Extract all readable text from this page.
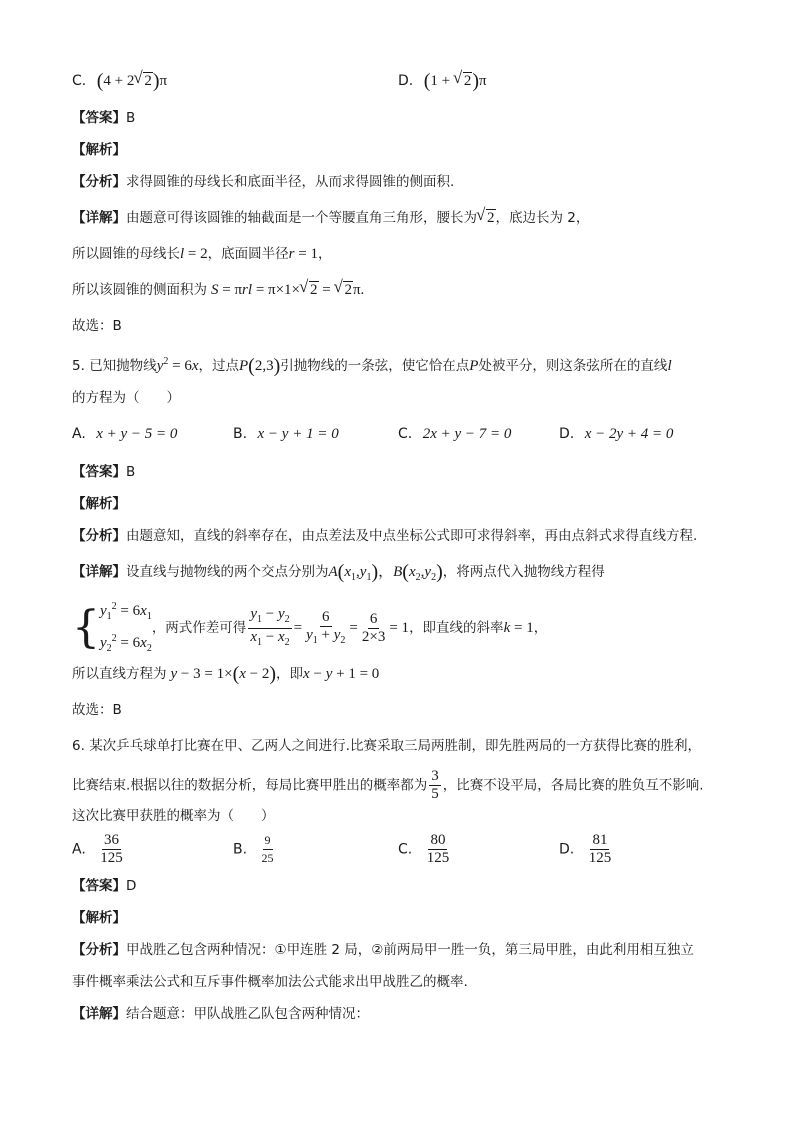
C. (4 + 2 √ 2)π	D. (1 + √ 2)π
【答案】B
【解析】
【分析】求得圆锥的母线长和底面半径，从而求得圆锥的侧面积.
【详解】由题意可得该圆锥的轴截面是一个等腰直角三角形，腰长为 √ 2，底边长为 2，
所以圆锥的母线长l = 2，底面圆半径r = 1，
所以该圆锥的侧面积为 S = πrl = π×1× √ 2 = √ 2π.
故选：B
5. 已知抛物线$y^2 = 6x$，过点P(2,3)引抛物线的一条弦，使它恰在点P处被平分，则这条弦所在的直线l
的方程为（　　）
A. x + y − 5 = 0	B. x − y + 1 = 0	C. 2x + y − 7 = 0	D. x − 2y + 4 = 0
【答案】B
【解析】
【分析】由题意知，直线的斜率存在，由点差法及中点坐标公式即可求得斜率，再由点斜式求得直线方程.
【详解】设直线与抛物线的两个交点分别为$A(x_1,y_1)$，$B(x_2,y_2)$，将两点代入抛物线方程得
{ $y_1^2 = 6x_1$
$y_2^2 = 6x_2$
，两式作差可得 $\frac{y_1 - y_2}{x_1 - x_2} = \frac{6}{y_1 + y_2} = \frac{6}{2\times 3} = 1$，即直线的斜率k = 1，
所以直线方程为 y − 3 = 1×(x − 2)，即x − y + 1 = 0
故选：B
6. 某次乒乓球单打比赛在甲、乙两人之间进行.比赛采取三局两胜制，即先胜两局的一方获得比赛的胜利，
比赛结束.根据以往的数据分析，每局比赛甲胜出的概率都为 $\frac{3}{5}$ ，比赛不设平局，各局比赛的胜负互不影响.
这次比赛甲获胜的概率为（　　）
A. $\frac{36}{125}$	B. $\frac{9}{25}$	C. $\frac{80}{125}$	D. $\frac{81}{125}$
【答案】D
【解析】
【分析】甲战胜乙包含两种情况：①甲连胜 2 局，②前两局甲一胜一负，第三局甲胜，由此利用相互独立
事件概率乘法公式和互斥事件概率加法公式能求出甲战胜乙的概率.
【详解】结合题意：甲队战胜乙队包含两种情况：
